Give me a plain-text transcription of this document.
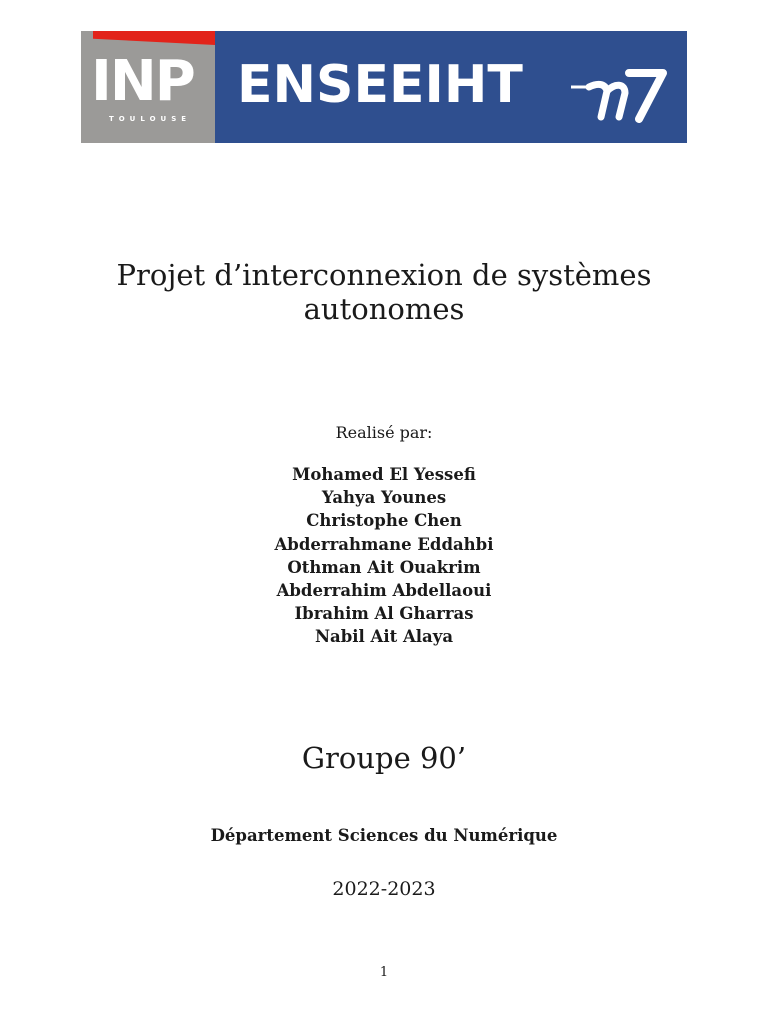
INP
TOULOUSE
ENSEEIHT
Projet d’interconnexion de systèmes autonomes

Realisé par:

Mohamed El Yessefi
Yahya Younes
Christophe Chen
Abderrahmane Eddahbi
Othman Ait Ouakrim
Abderrahim Abdellaoui
Ibrahim Al Gharras
Nabil Ait Alaya
Groupe 90’

Département Sciences du Numérique

2022-2023

1
